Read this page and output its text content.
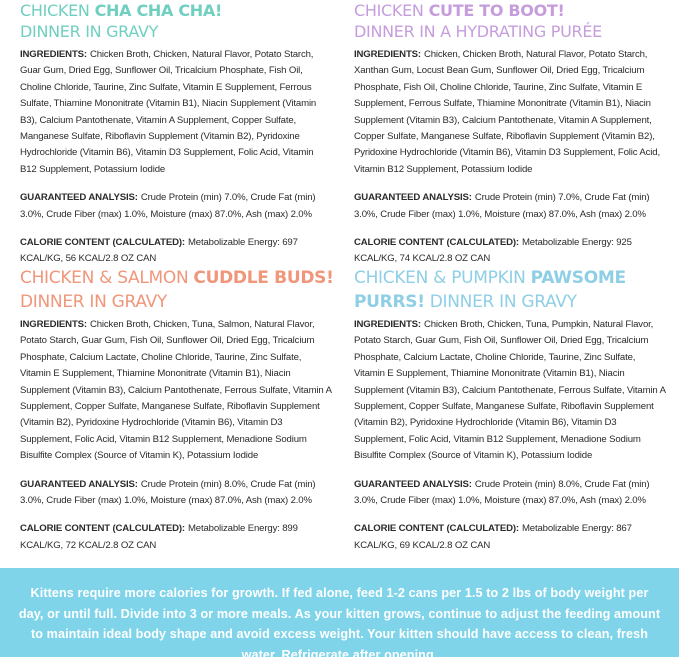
CHICKEN CHA CHA CHA!
DINNER IN GRAVY

INGREDIENTS: Chicken Broth, Chicken, Natural Flavor, Potato Starch, Guar Gum, Dried Egg, Sunflower Oil, Tricalcium Phosphate, Fish Oil, Choline Chloride, Taurine, Zinc Sulfate, Vitamin E Supplement, Ferrous Sulfate, Thiamine Mononitrate (Vitamin B1), Niacin Supplement (Vitamin B3), Calcium Pantothenate, Vitamin A Supplement, Copper Sulfate, Manganese Sulfate, Riboflavin Supplement (Vitamin B2), Pyridoxine Hydrochloride (Vitamin B6), Vitamin D3 Supplement, Folic Acid, Vitamin B12 Supplement, Potassium Iodide

GUARANTEED ANALYSIS: Crude Protein (min) 7.0%, Crude Fat (min) 3.0%, Crude Fiber (max) 1.0%, Moisture (max) 87.0%, Ash (max) 2.0%

CALORIE CONTENT (CALCULATED): Metabolizable Energy: 697 KCAL/KG, 56 KCAL/2.8 OZ CAN

CHICKEN CUTE TO BOOT!
DINNER IN A HYDRATING PURÉE

INGREDIENTS: Chicken, Chicken Broth, Natural Flavor, Potato Starch, Xanthan Gum, Locust Bean Gum, Sunflower Oil, Dried Egg, Tricalcium Phosphate, Fish Oil, Choline Chloride, Taurine, Zinc Sulfate, Vitamin E Supplement, Ferrous Sulfate, Thiamine Mononitrate (Vitamin B1), Niacin Supplement (Vitamin B3), Calcium Pantothenate, Vitamin A Supplement, Copper Sulfate, Manganese Sulfate, Riboflavin Supplement (Vitamin B2), Pyridoxine Hydrochloride (Vitamin B6), Vitamin D3 Supplement, Folic Acid, Vitamin B12 Supplement, Potassium Iodide

GUARANTEED ANALYSIS: Crude Protein (min) 7.0%, Crude Fat (min) 3.0%, Crude Fiber (max) 1.0%, Moisture (max) 87.0%, Ash (max) 2.0%

CALORIE CONTENT (CALCULATED): Metabolizable Energy: 925 KCAL/KG, 74 KCAL/2.8 OZ CAN

CHICKEN & SALMON CUDDLE BUDS!
DINNER IN GRAVY

INGREDIENTS: Chicken Broth, Chicken, Tuna, Salmon, Natural Flavor, Potato Starch, Guar Gum, Fish Oil, Sunflower Oil, Dried Egg, Tricalcium Phosphate, Calcium Lactate, Choline Chloride, Taurine, Zinc Sulfate, Vitamin E Supplement, Thiamine Mononitrate (Vitamin B1), Niacin Supplement (Vitamin B3), Calcium Pantothenate, Ferrous Sulfate, Vitamin A Supplement, Copper Sulfate, Manganese Sulfate, Riboflavin Supplement (Vitamin B2), Pyridoxine Hydrochloride (Vitamin B6), Vitamin D3 Supplement, Folic Acid, Vitamin B12 Supplement, Menadione Sodium Bisulfite Complex (Source of Vitamin K), Potassium Iodide

GUARANTEED ANALYSIS: Crude Protein (min) 8.0%, Crude Fat (min) 3.0%, Crude Fiber (max) 1.0%, Moisture (max) 87.0%, Ash (max) 2.0%

CALORIE CONTENT (CALCULATED): Metabolizable Energy: 899 KCAL/KG, 72 KCAL/2.8 OZ CAN

CHICKEN & PUMPKIN PAWSOME PURRS! DINNER IN GRAVY

INGREDIENTS: Chicken Broth, Chicken, Tuna, Pumpkin, Natural Flavor, Potato Starch, Guar Gum, Fish Oil, Sunflower Oil, Dried Egg, Tricalcium Phosphate, Calcium Lactate, Choline Chloride, Taurine, Zinc Sulfate, Vitamin E Supplement, Thiamine Mononitrate (Vitamin B1), Niacin Supplement (Vitamin B3), Calcium Pantothenate, Ferrous Sulfate, Vitamin A Supplement, Copper Sulfate, Manganese Sulfate, Riboflavin Supplement (Vitamin B2), Pyridoxine Hydrochloride (Vitamin B6), Vitamin D3 Supplement, Folic Acid, Vitamin B12 Supplement, Menadione Sodium Bisulfite Complex (Source of Vitamin K), Potassium Iodide

GUARANTEED ANALYSIS: Crude Protein (min) 8.0%, Crude Fat (min) 3.0%, Crude Fiber (max) 1.0%, Moisture (max) 87.0%, Ash (max) 2.0%

CALORIE CONTENT (CALCULATED): Metabolizable Energy: 867 KCAL/KG, 69 KCAL/2.8 OZ CAN

Kittens require more calories for growth. If fed alone, feed 1-2 cans per 1.5 to 2 lbs of body weight per day, or until full. Divide into 3 or more meals. As your kitten grows, continue to adjust the feeding amount to maintain ideal body shape and avoid excess weight. Your kitten should have access to clean, fresh water. Refrigerate after opening.
